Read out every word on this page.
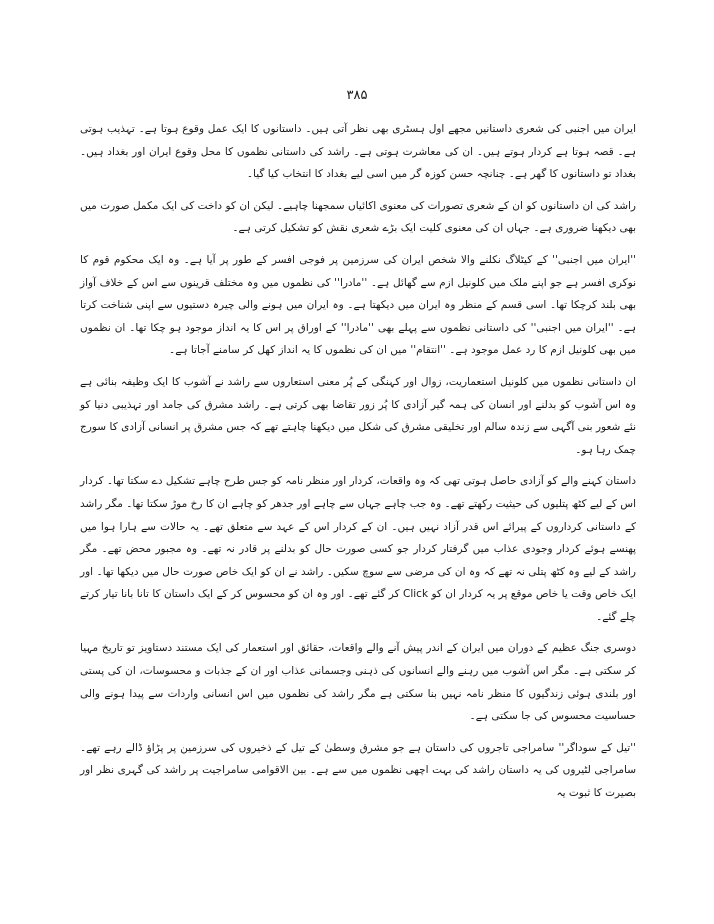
۳۸۵

ایران میں اجنبی کی شعری داستانیں مجھے اول ہسٹری بھی نظر آتی ہیں۔ داستانوں کا ایک عمل وقوع ہوتا ہے۔ تہذیب ہوتی ہے۔ قصہ ہوتا ہے کردار ہوتے ہیں۔ ان کی معاشرت ہوتی ہے۔ راشد کی داستانی نظموں کا محل وقوع ایران اور بغداد ہیں۔ بغداد تو داستانوں کا گھر ہے۔ چنانچہ حسن کوزہ گر میں اسی لیے بغداد کا انتخاب کیا گیا۔

راشد کی ان داستانوں کو ان کے شعری تصورات کی معنوی اکائیاں سمجھنا چاہیے۔ لیکن ان کو داخت کی ایک مکمل صورت میں بھی دیکھنا ضروری ہے۔ جہاں ان کی معنوی کلیت ایک بڑے شعری نقش کو تشکیل کرتی ہے۔

''ایران میں اجنبی'' کے کیٹلاگ نکلنے والا شخص ایران کی سرزمین پر فوجی افسر کے طور پر آیا ہے۔ وہ ایک محکوم قوم کا نوکری افسر ہے جو اپنے ملک میں کلونیل ازم سے گھائل ہے۔ ''مادرا'' کی نظموں میں وہ مختلف قرینوں سے اس کے خلاف آواز بھی بلند کرچکا تھا۔ اسی قسم کے منظر وہ ایران میں دیکھتا ہے۔ وہ ایران میں ہونے والی چیرہ دستیوں سے اپنی شناخت کرتا ہے۔ ''ایران میں اجنبی'' کی داستانی نظموں سے پہلے بھی ''مادرا'' کے اوراق پر اس کا یہ انداز موجود ہو چکا تھا۔ ان نظموں میں بھی کلونیل ازم کا رد عمل موجود ہے۔ ''انتقام'' میں ان کی نظموں کا یہ انداز کھل کر سامنے آجاتا ہے۔

ان داستانی نظموں میں کلونیل استعماریت، زوال اور کہنگی کے پُر معنی استعاروں سے راشد نے آشوب کا ایک وظیفہ بنائی ہے وہ اس آشوب کو بدلنے اور انسان کی ہمہ گیر آزادی کا پُر زور تقاضا بھی کرتی ہے۔ راشد مشرق کی جامد اور تہذیبی دنیا کو نئے شعور بنی آگہی سے زندہ سالم اور تخلیقی مشرق کی شکل میں دیکھنا چاہتے تھے کہ جس مشرق پر انسانی آزادی کا سورج چمک رہا ہو۔

داستان کہنے والے کو آزادی حاصل ہوتی تھی کہ وہ واقعات، کردار اور منظر نامہ کو جس طرح چاہے تشکیل دے سکتا تھا۔ کردار اس کے لیے کٹھ پتلیوں کی حیثیت رکھتے تھے۔ وہ جب چاہے جہاں سے چاہے اور جدھر کو چاہے ان کا رخ موڑ سکتا تھا۔ مگر راشد کے داستانی کرداروں کے پیرائے اس قدر آزاد نہیں ہیں۔ ان کے کردار اس کے عہد سے متعلق تھے۔ یہ حالات سے ہارا ہوا میں پھنسے ہوئے کردار وجودی عذاب میں گرفتار کردار جو کسی صورت حال کو بدلنے پر قادر نہ تھے۔ وہ مجبور محض تھے۔ مگر راشد کے لیے وہ کٹھ پتلی نہ تھے کہ وہ ان کی مرضی سے سوچ سکیں۔ راشد نے ان کو ایک خاص صورت حال میں دیکھا تھا۔ اور ایک خاص وقت یا خاص موقع پر یہ کردار ان کو Click کر گئے تھے۔ اور وہ ان کو محسوس کر کے ایک داستان کا تانا بانا تیار کرتے چلے گئے۔

دوسری جنگ عظیم کے دوران میں ایران کے اندر پیش آنے والے واقعات، حقائق اور استعمار کی ایک مستند دستاویز تو تاریخ مہیا کر سکتی ہے۔ مگر اس آشوب میں رہنے والے انسانوں کی ذہنی وجسمانی عذاب اور ان کے جذبات و محسوسات، ان کی پستی اور بلندی ہوئی زندگیوں کا منظر نامہ نہیں بنا سکتی ہے مگر راشد کی نظموں میں اس انسانی واردات سے پیدا ہونے والی حساسیت محسوس کی جا سکتی ہے۔

''تیل کے سوداگر'' سامراجی تاجروں کی داستان ہے جو مشرق وسطیٰ کے تیل کے ذخیروں کی سرزمین پر پڑاؤ ڈالے رہے تھے۔ سامراجی لٹیروں کی یہ داستان راشد کی بہت اچھی نظموں میں سے ہے۔ بین الاقوامی سامراجیت پر راشد کی گہری نظر اور بصیرت کا ثبوت یہ
